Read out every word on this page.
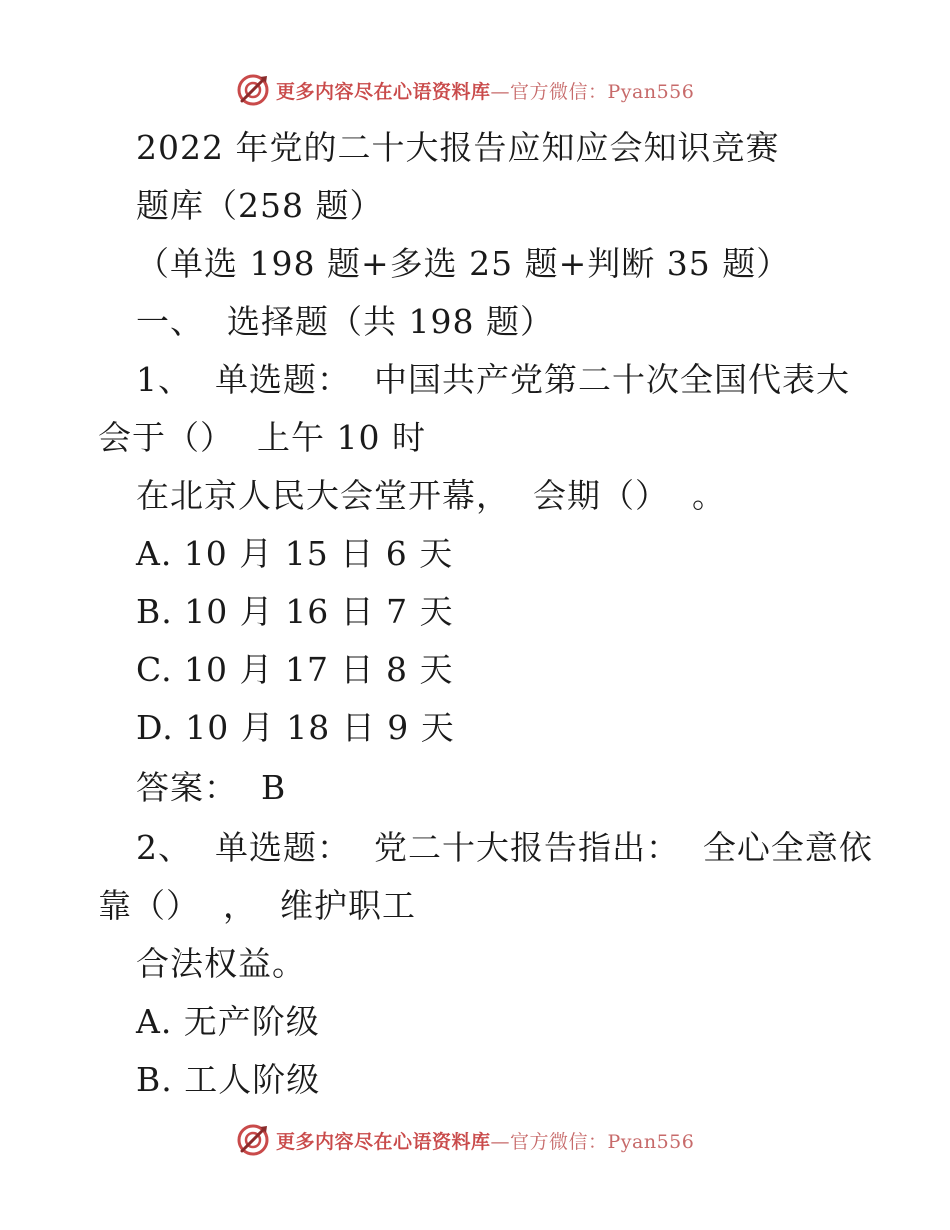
更多内容尽在心语资料库—官方微信：Pyan556
2022 年党的二十大报告应知应会知识竞赛
题库（258 题）
（单选 198 题+多选 25 题+判断 35 题）
一、  选择题（共 198 题）
1、  单选题：  中国共产党第二十次全国代表大
会于（）  上午 10 时
在北京人民大会堂开幕，  会期（）  。
A. 10 月 15 日 6 天
B. 10 月 16 日 7 天
C. 10 月 17 日 8 天
D. 10 月 18 日 9 天
答案：  B
2、  单选题：  党二十大报告指出：  全心全意依
靠（）  ，  维护职工
合法权益。
A. 无产阶级
B. 工人阶级
更多内容尽在心语资料库—官方微信：Pyan556
